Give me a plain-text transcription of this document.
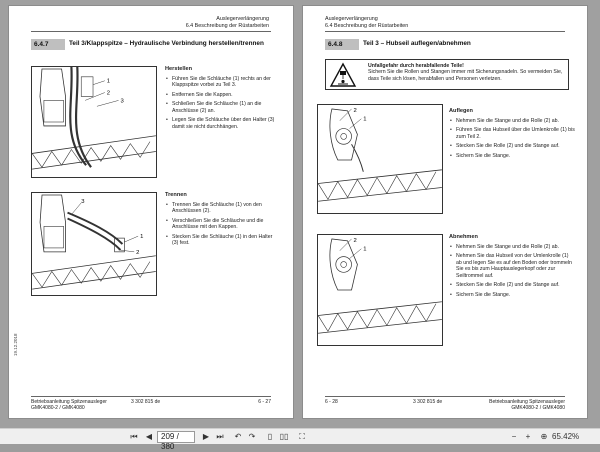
Auslegerverlängerung
6.4 Beschreibung der Rüstarbeiten
6.4.7	Teil 3/Klappspitze – Hydraulische Verbindung herstellen/trennen
1
2
3
1
2
3
Herstellen
• Führen Sie die Schläuche (1) rechts an der Klappspitze vorbei zu Teil 3.
• Entfernen Sie die Kappen.
• Schließen Sie die Schläuche (1) an die Anschlüsse (2) an.
• Legen Sie die Schläuche über den Halter (3) damit sie nicht durchhängen.
Trennen
• Trennen Sie die Schläuche (1) von den Anschlüssen (2).
• Verschließen Sie die Schläuche und die Anschlüsse mit den Kappen.
• Stecken Sie die Schläuche (1) in den Halter (3) fest.
19.12.2018
Betriebsanleitung Spitzenausleger
GMK4080-2 / GMK4080
3 302 815 de	6 - 27
Auslegerverlängerung
6.4 Beschreibung der Rüstarbeiten
6.4.8	Teil 3 – Hubseil auflegen/abnehmen
Unfallgefahr durch herabfallende Teile!
Sichern Sie die Rollen und Stangen immer mit Sicherungsnadeln. So vermeiden Sie, dass Teile sich lösen, herabfallen und Personen verletzen.
1
2
1
2
Auflegen
• Nehmen Sie die Stange und die Rolle (2) ab.
• Führen Sie das Hubseil über die Umlenkrolle (1) bis zum Teil 2.
• Stecken Sie die Rolle (2) und die Stange auf.
• Sichern Sie die Stange.
Abnehmen
• Nehmen Sie die Stange und die Rolle (2) ab.
• Nehmen Sie das Hubseil von der Umlenkrolle (1) ab und legen Sie es auf den Boden oder trommeln Sie es bis zum Hauptauslegerkopf oder zur Seiltrommel auf.
• Stecken Sie die Rolle (2) und die Stange auf.
• Sichern Sie die Stange.
6 - 28	3 302 815 de	Betriebsanleitung Spitzenausleger
GMK4080-2 / GMK4080
⏮	◀	209 / 380
▶ ⏭	↶ ↷	▯ ▯▯	⛶	−	+	⊕ 65.42%
